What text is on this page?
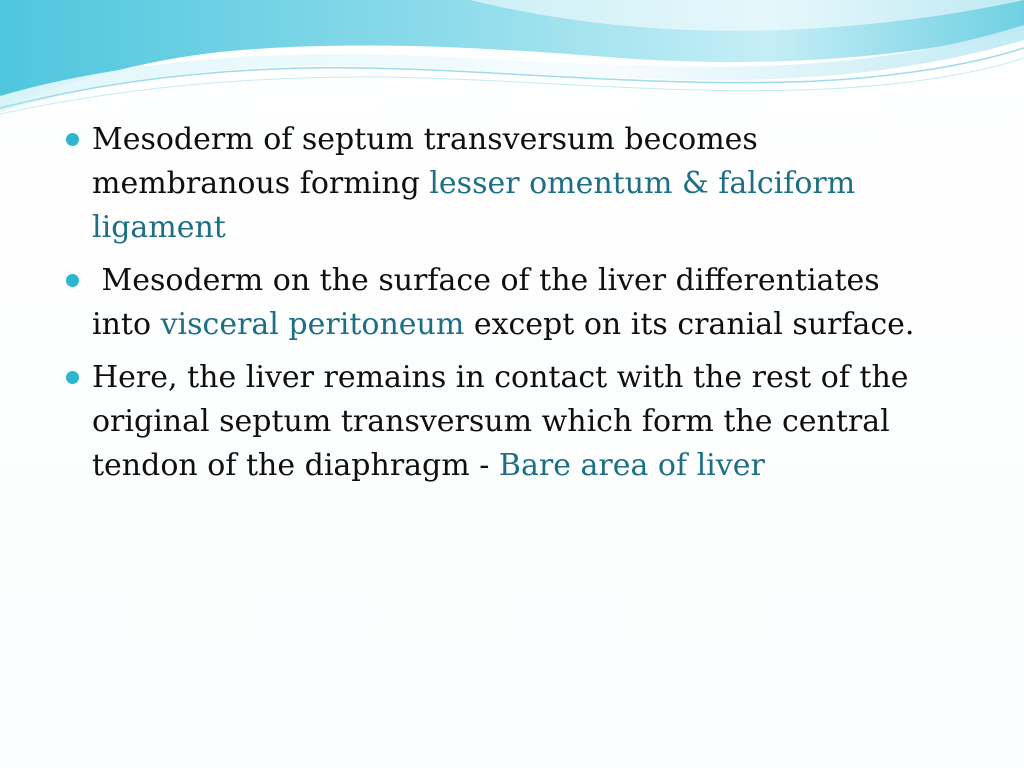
Mesoderm of septum transversum becomes membranous forming lesser omentum & falciform ligament
Mesoderm on the surface of the liver differentiates into visceral peritoneum except on its cranial surface.
Here, the liver remains in contact with the rest of the original septum transversum which form the central tendon of the diaphragm - Bare area of liver
